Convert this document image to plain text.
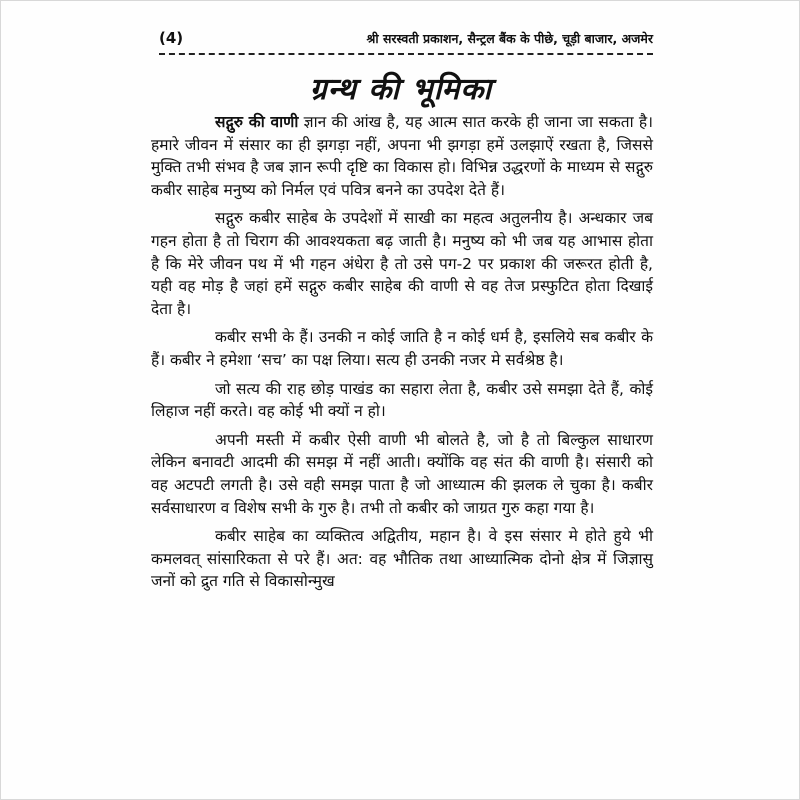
(4)	श्री सरस्वती प्रकाशन, सैन्ट्रल बैंक के पीछे, चूड़ी बाजार, अजमेर
ग्रन्थ की भूमिका

सद्गुरु की वाणी ज्ञान की आंख है, यह आत्म सात करके ही जाना जा सकता है। हमारे जीवन में संसार का ही झगड़ा नहीं, अपना भी झगड़ा हमें उलझाऐं रखता है, जिससे मुक्ति तभी संभव है जब ज्ञान रूपी दृष्टि का विकास हो। विभिन्न उद्धरणों के माध्यम से सद्गुरु कबीर साहेब मनुष्य को निर्मल एवं पवित्र बनने का उपदेश देते हैं।

सद्गुरु कबीर साहेब के उपदेशों में साखी का महत्व अतुलनीय है। अन्धकार जब गहन होता है तो चिराग की आवश्यकता बढ़ जाती है। मनुष्य को भी जब यह आभास होता है कि मेरे जीवन पथ में भी गहन अंधेरा है तो उसे पग-2 पर प्रकाश की जरूरत होती है, यही वह मोड़ है जहां हमें सद्गुरु कबीर साहेब की वाणी से वह तेज प्रस्फुटित होता दिखाई देता है।

कबीर सभी के हैं। उनकी न कोई जाति है न कोई धर्म है, इसलिये सब कबीर के हैं। कबीर ने हमेशा ‘सच’ का पक्ष लिया। सत्य ही उनकी नजर मे सर्वश्रेष्ठ है।

जो सत्य की राह छोड़ पाखंड का सहारा लेता है, कबीर उसे समझा देते हैं, कोई लिहाज नहीं करते। वह कोई भी क्यों न हो।

अपनी मस्ती में कबीर ऐसी वाणी भी बोलते है, जो है तो बिल्कुल साधारण लेकिन बनावटी आदमी की समझ में नहीं आती। क्योंकि वह संत की वाणी है। संसारी को वह अटपटी लगती है। उसे वही समझ पाता है जो आध्यात्म की झलक ले चुका है। कबीर सर्वसाधारण व विशेष सभी के गुरु है। तभी तो कबीर को जाग्रत गुरु कहा गया है।

कबीर साहेब का व्यक्तित्व अद्वितीय, महान है। वे इस संसार मे होते हुये भी कमलवत् सांसारिकता से परे हैं। अत: वह भौतिक तथा आध्यात्मिक दोनो क्षेत्र में जिज्ञासु जनों को द्रुत गति से विकासोन्मुख
